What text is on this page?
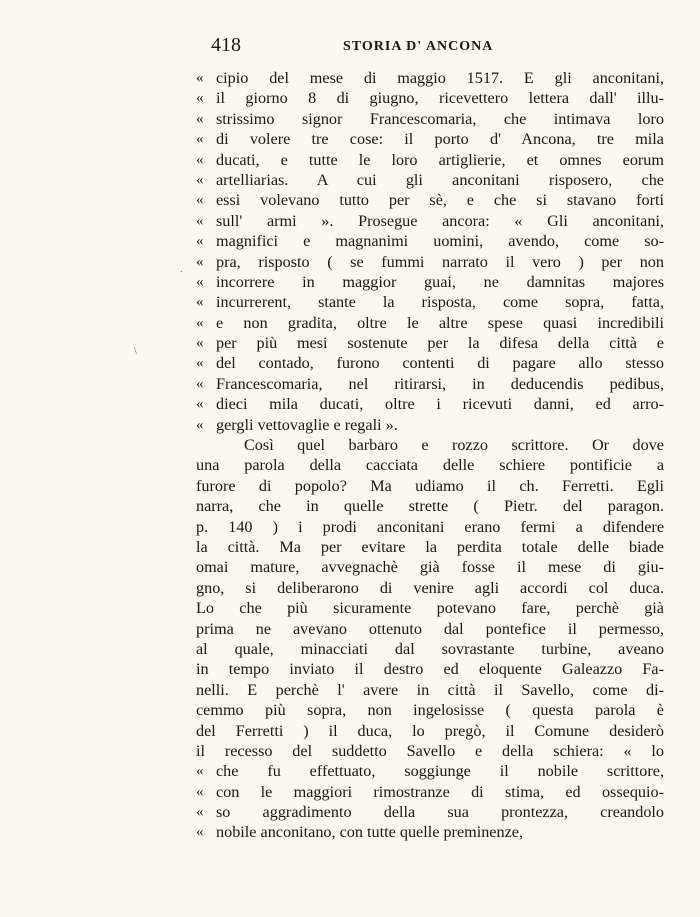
418	STORIA D' ANCONA
\
.
« cipio del mese di maggio 1517. E gli anconitani,
« il giorno 8 di giugno, ricevettero lettera dall' illu-
« strissimo signor Francescomaria, che intimava loro
« di volere tre cose: il porto d' Ancona, tre mila
« ducati, e tutte le loro artiglierie, et omnes eorum
« artelliarias. A cui gli anconitani risposero, che
« essi volevano tutto per sè, e che si stavano forti
« sull' armi ». Prosegue ancora: « Gli anconitani,
« magnifici e magnanimi uomini, avendo, come so-
« pra, risposto ( se fummi narrato il vero ) per non
« incorrere in maggior guai, ne damnitas majores
« incurrerent, stante la risposta, come sopra, fatta,
« e non gradita, oltre le altre spese quasi incredibili
« per più mesi sostenute per la difesa della città e
« del contado, furono contenti di pagare allo stesso
« Francescomaria, nel ritirarsi, in deducendis pedibus,
« dieci mila ducati, oltre i ricevuti danni, ed arro-
« gergli vettovaglie e regali ».
Così quel barbaro e rozzo scrittore. Or dove
una parola della cacciata delle schiere pontificie a
furore di popolo? Ma udiamo il ch. Ferretti. Egli
narra, che in quelle strette ( Pietr. del paragon.
p. 140 ) i prodi anconitani erano fermi a difendere
la città. Ma per evitare la perdita totale delle biade
omai mature, avvegnachè già fosse il mese di giu-
gno, si deliberarono di venire agli accordi col duca.
Lo che più sicuramente potevano fare, perchè già
prima ne avevano ottenuto dal pontefice il permesso,
al quale, minacciati dal sovrastante turbine, aveano
in tempo inviato il destro ed eloquente Galeazzo Fa-
nelli. E perchè l' avere in città il Savello, come di-
cemmo più sopra, non ingelosisse ( questa parola è
del Ferretti ) il duca, lo pregò, il Comune desiderò
il recesso del suddetto Savello e della schiera: « lo
« che fu effettuato, soggiunge il nobile scrittore,
« con le maggiori rimostranze di stima, ed ossequio-
« so aggradimento della sua prontezza, creandolo
« nobile anconitano, con tutte quelle preminenze,
